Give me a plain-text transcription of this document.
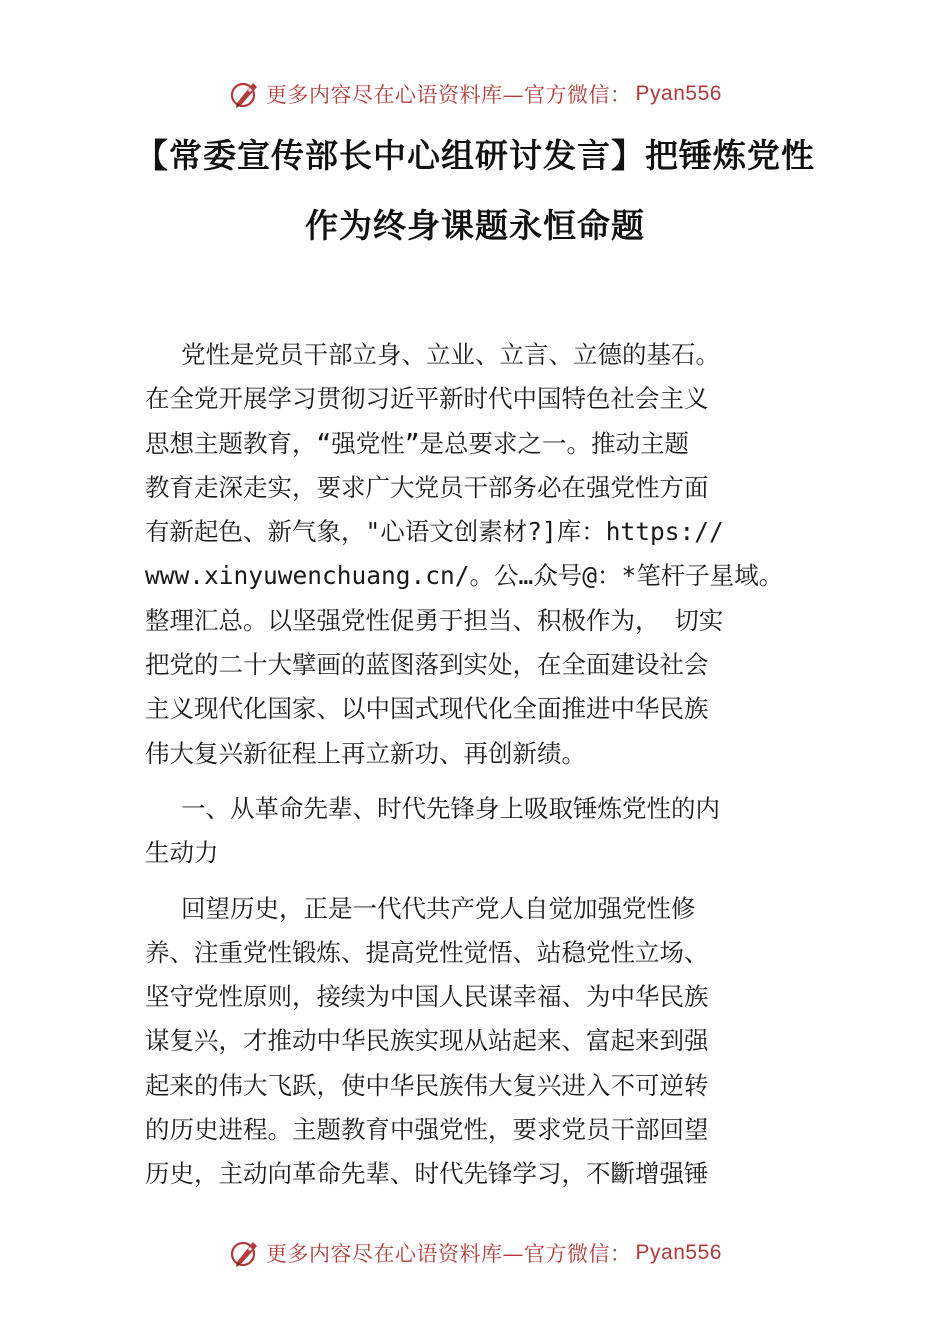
更多内容尽在心语资料库—官方微信： Pyan556
【常委宣传部长中心组研讨发言】把锤炼党性
作为终身课题永恒命题

党性是党员干部立身、立业、立言、立德的基石。

在全党开展学习贯彻习近平新时代中国特色社会主义

思想主题教育，“强党性”是总要求之一。推动主题

教育走深走实，要求广大党员干部务必在强党性方面

有新起色、新气象，"心语文创素材?]库：https://

www.xinyuwenchuang.cn/。公…众号@：*笔杆子星域。

整理汇总。以坚强党性促勇于担当、积极作为， 切实

把党的二十大擘画的蓝图落到实处，在全面建设社会

主义现代化国家、以中国式现代化全面推进中华民族

伟大复兴新征程上再立新功、再创新绩。

一、从革命先辈、时代先锋身上吸取锤炼党性的内

生动力

回望历史，正是一代代共产党人自觉加强党性修

养、注重党性锻炼、提高党性觉悟、站稳党性立场、

坚守党性原则，接续为中国人民谋幸福、为中华民族

谋复兴，才推动中华民族实现从站起来、富起来到强

起来的伟大飞跃，使中华民族伟大复兴进入不可逆转

的历史进程。主题教育中强党性，要求党员干部回望

历史，主动向革命先辈、时代先锋学习，不斷增强锤

更多内容尽在心语资料库—官方微信： Pyan556
